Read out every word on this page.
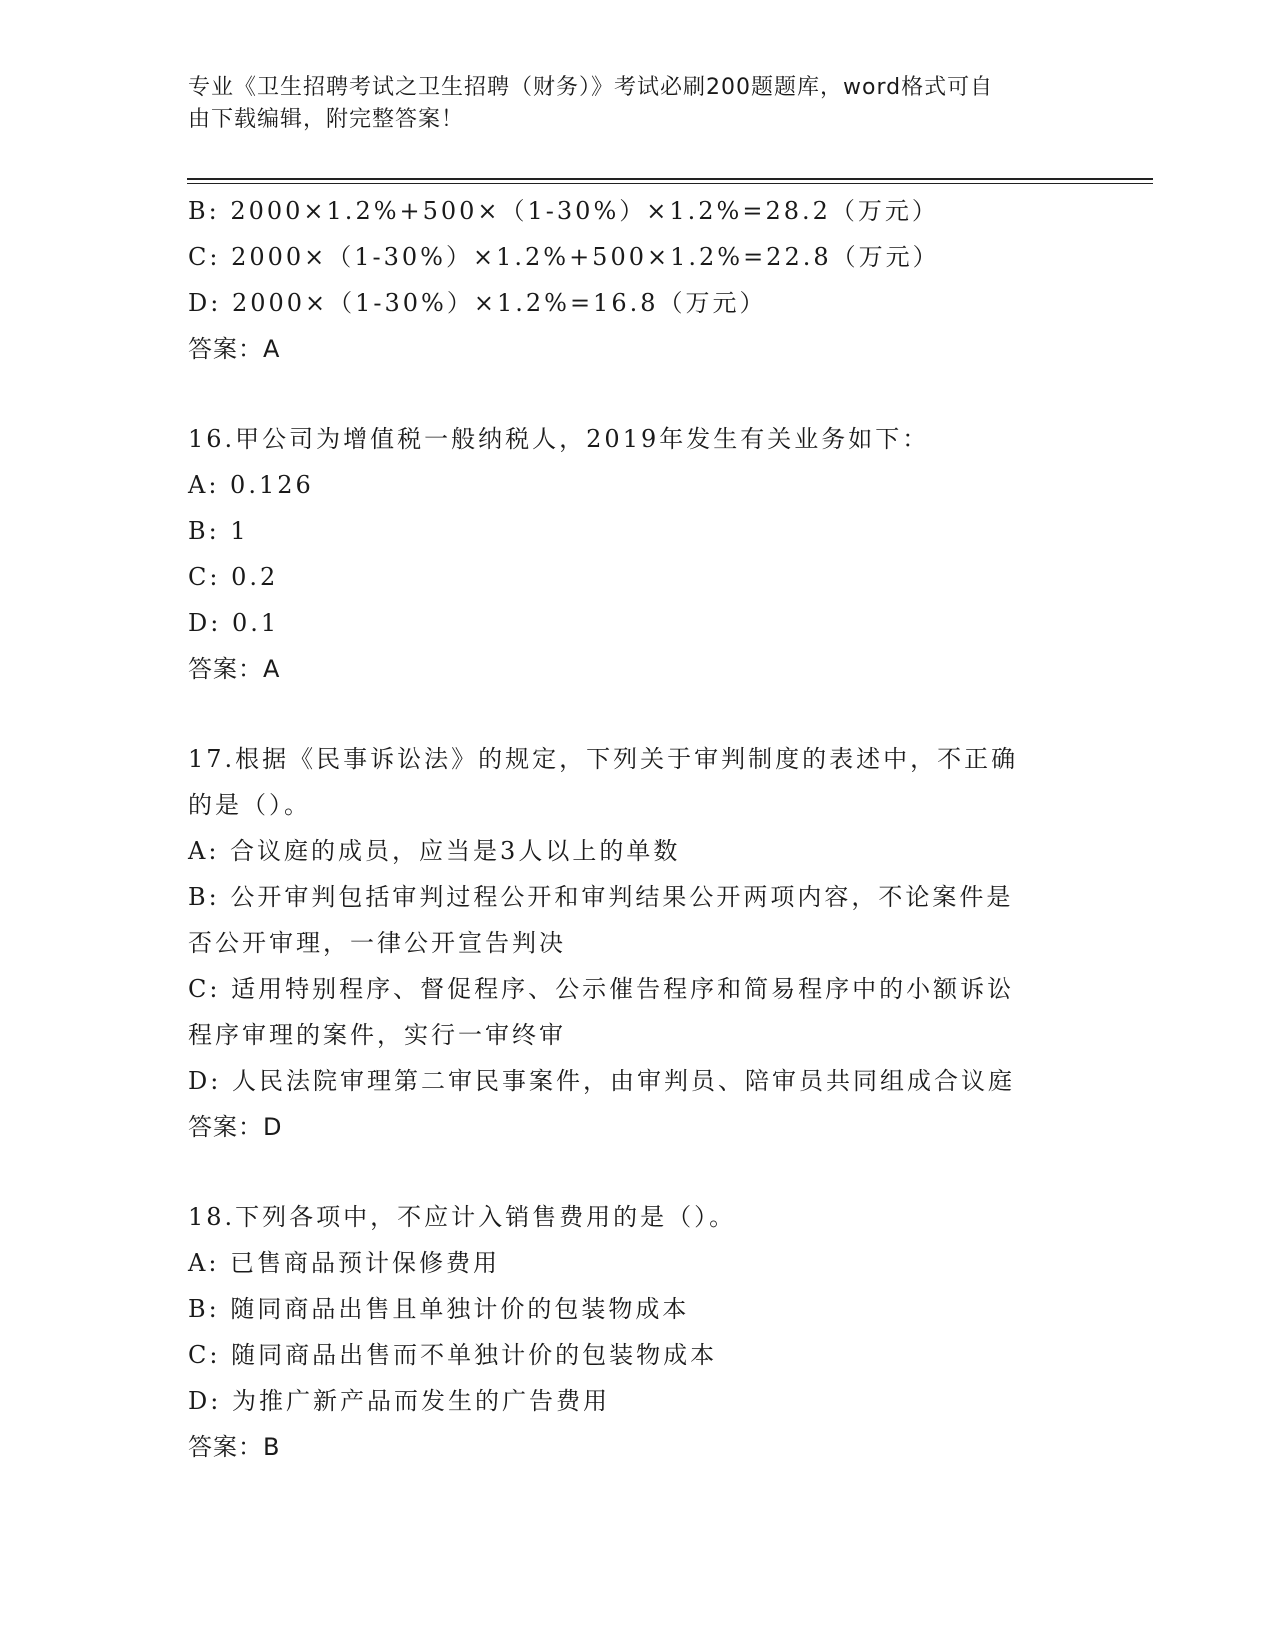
专业《卫生招聘考试之卫生招聘（财务）》考试必刷200题题库，word格式可自
由下载编辑，附完整答案！
B: 2000×1.2%+500×（1-30%）×1.2%=28.2（万元）
C: 2000×（1-30%）×1.2%+500×1.2%=22.8（万元）
D: 2000×（1-30%）×1.2%=16.8（万元）
答案：A
16.甲公司为增值税一般纳税人，2019年发生有关业务如下：
A: 0.126
B: 1
C: 0.2
D: 0.1
答案：A
17.根据《民事诉讼法》的规定，下列关于审判制度的表述中，不正确
的是（）。
A: 合议庭的成员，应当是3人以上的单数
B: 公开审判包括审判过程公开和审判结果公开两项内容，不论案件是
否公开审理，一律公开宣告判决
C: 适用特别程序、督促程序、公示催告程序和简易程序中的小额诉讼
程序审理的案件，实行一审终审
D: 人民法院审理第二审民事案件，由审判员、陪审员共同组成合议庭
答案：D
18.下列各项中，不应计入销售费用的是（）。
A: 已售商品预计保修费用
B: 随同商品出售且单独计价的包装物成本
C: 随同商品出售而不单独计价的包装物成本
D: 为推广新产品而发生的广告费用
答案：B
